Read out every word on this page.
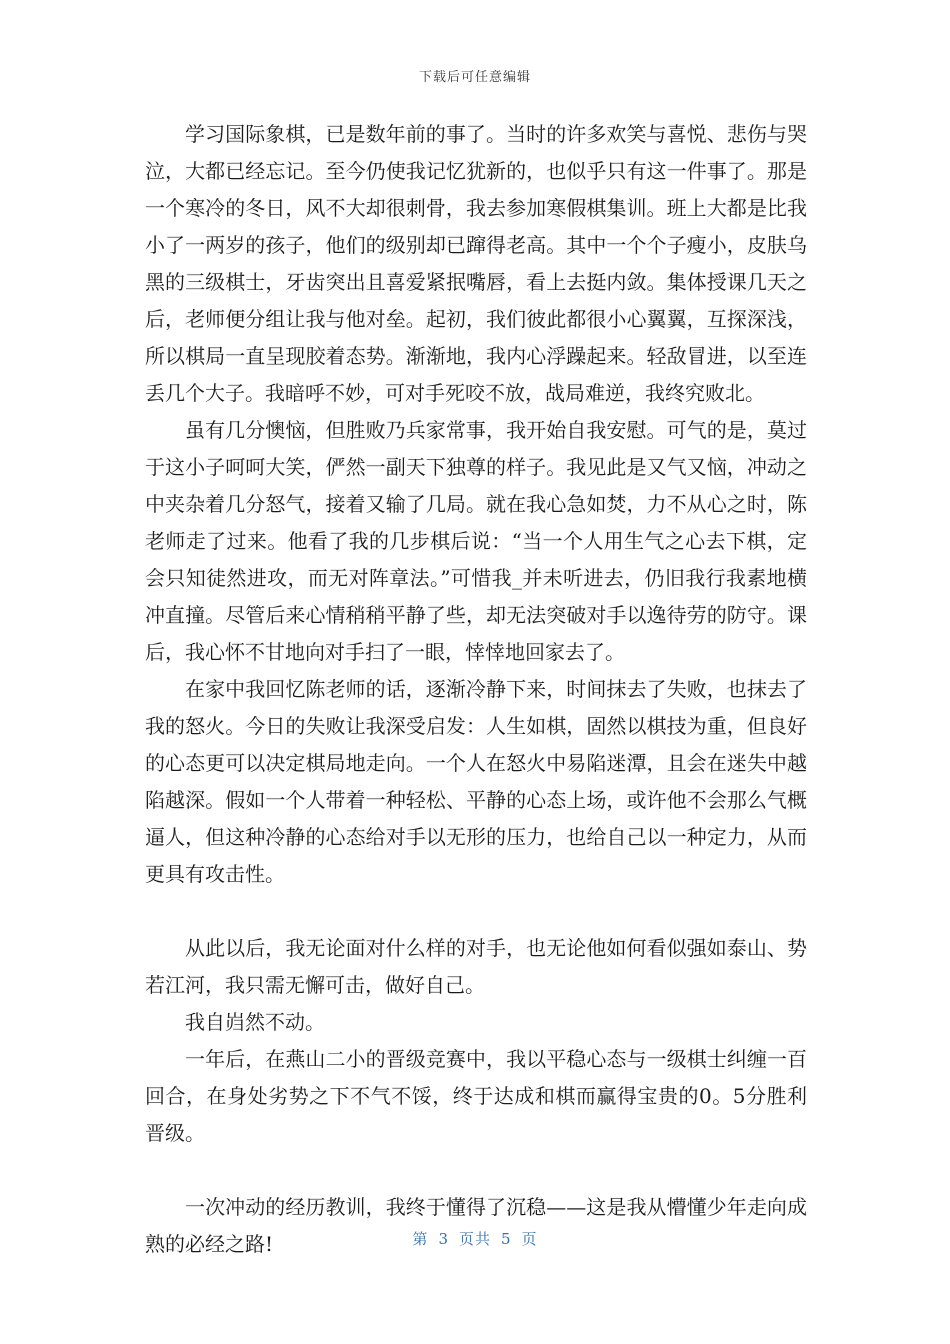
下载后可任意编辑

学习国际象棋，已是数年前的事了。当时的许多欢笑与喜悦、悲伤与哭泣，大都已经忘记。至今仍使我记忆犹新的，也似乎只有这一件事了。那是一个寒冷的冬日，风不大却很刺骨，我去参加寒假棋集训。班上大都是比我小了一两岁的孩子，他们的级别却已蹿得老高。其中一个个子瘦小，皮肤乌黑的三级棋士，牙齿突出且喜爱紧抿嘴唇，看上去挺内敛。集体授课几天之后，老师便分组让我与他对垒。起初，我们彼此都很小心翼翼，互探深浅，所以棋局一直呈现胶着态势。渐渐地，我内心浮躁起来。轻敌冒进，以至连丢几个大子。我暗呼不妙，可对手死咬不放，战局难逆，我终究败北。

虽有几分懊恼，但胜败乃兵家常事，我开始自我安慰。可气的是，莫过于这小子呵呵大笑，俨然一副天下独尊的样子。我见此是又气又恼，冲动之中夹杂着几分怒气，接着又输了几局。就在我心急如焚，力不从心之时，陈老师走了过来。他看了我的几步棋后说：“当一个人用生气之心去下棋，定会只知徒然进攻，而无对阵章法。”可惜我_并未听进去，仍旧我行我素地横冲直撞。尽管后来心情稍稍平静了些，却无法突破对手以逸待劳的防守。课后，我心怀不甘地向对手扫了一眼，悻悻地回家去了。

在家中我回忆陈老师的话，逐渐冷静下来，时间抹去了失败，也抹去了我的怒火。今日的失败让我深受启发：人生如棋，固然以棋技为重，但良好的心态更可以决定棋局地走向。一个人在怒火中易陷迷潭，且会在迷失中越陷越深。假如一个人带着一种轻松、平静的心态上场，或许他不会那么气概逼人，但这种冷静的心态给对手以无形的压力，也给自己以一种定力，从而更具有攻击性。

从此以后，我无论面对什么样的对手，也无论他如何看似强如泰山、势若江河，我只需无懈可击，做好自己。

我自岿然不动。

一年后，在燕山二小的晋级竞赛中，我以平稳心态与一级棋士纠缠一百回合，在身处劣势之下不气不馁，终于达成和棋而赢得宝贵的0。5分胜利晋级。

一次冲动的经历教训，我终于懂得了沉稳——这是我从懵懂少年走向成熟的必经之路!	第 3 页共 5 页
